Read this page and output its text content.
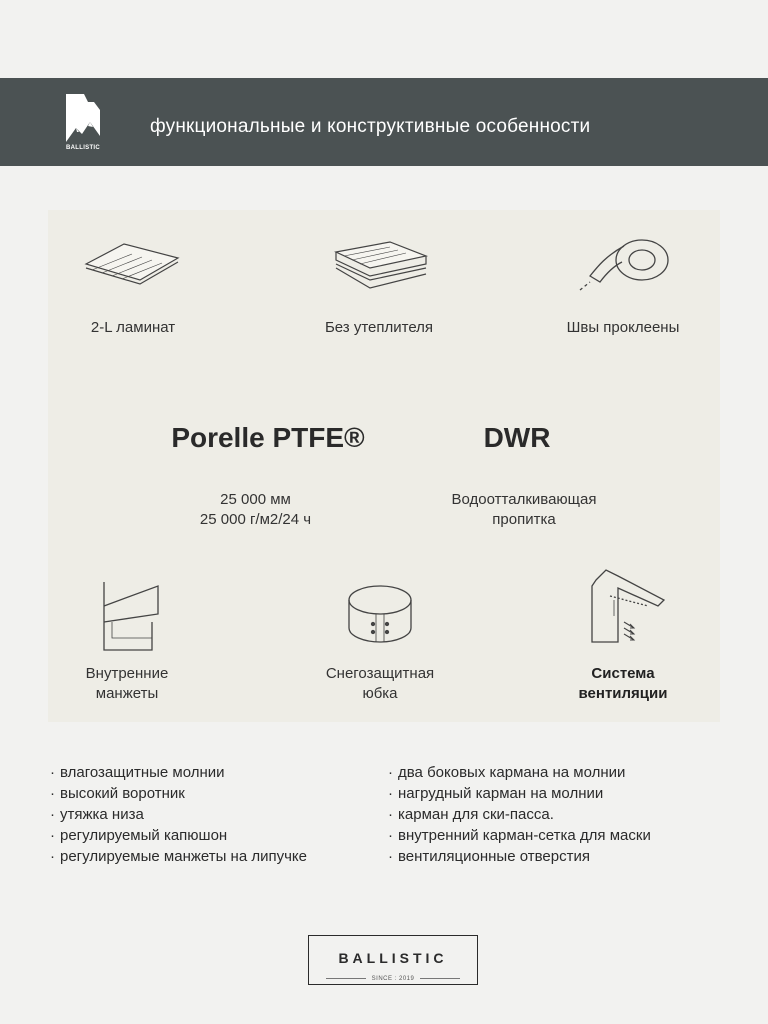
BALLISTIC
функциональные и конструктивные особенности
2-L ламинат	Без утеплителя	Швы проклеены
Porelle PTFE®	DWR
25 000 мм
25 000 г/м2/24 ч
Водоотталкивающая
пропитка
Внутренние
манжеты
Снегозащитная
юбка
Система
вентиляции
· влагозащитные молнии
· высокий воротник
· утяжка низа
· регулируемый капюшон
· регулируемые манжеты на липучке
· два боковых кармана на молнии
· нагрудный карман на молнии
· карман для ски-пасса.
· внутренний карман-сетка для маски
· вентиляционные отверстия
BALLISTIC
SINCE : 2019
